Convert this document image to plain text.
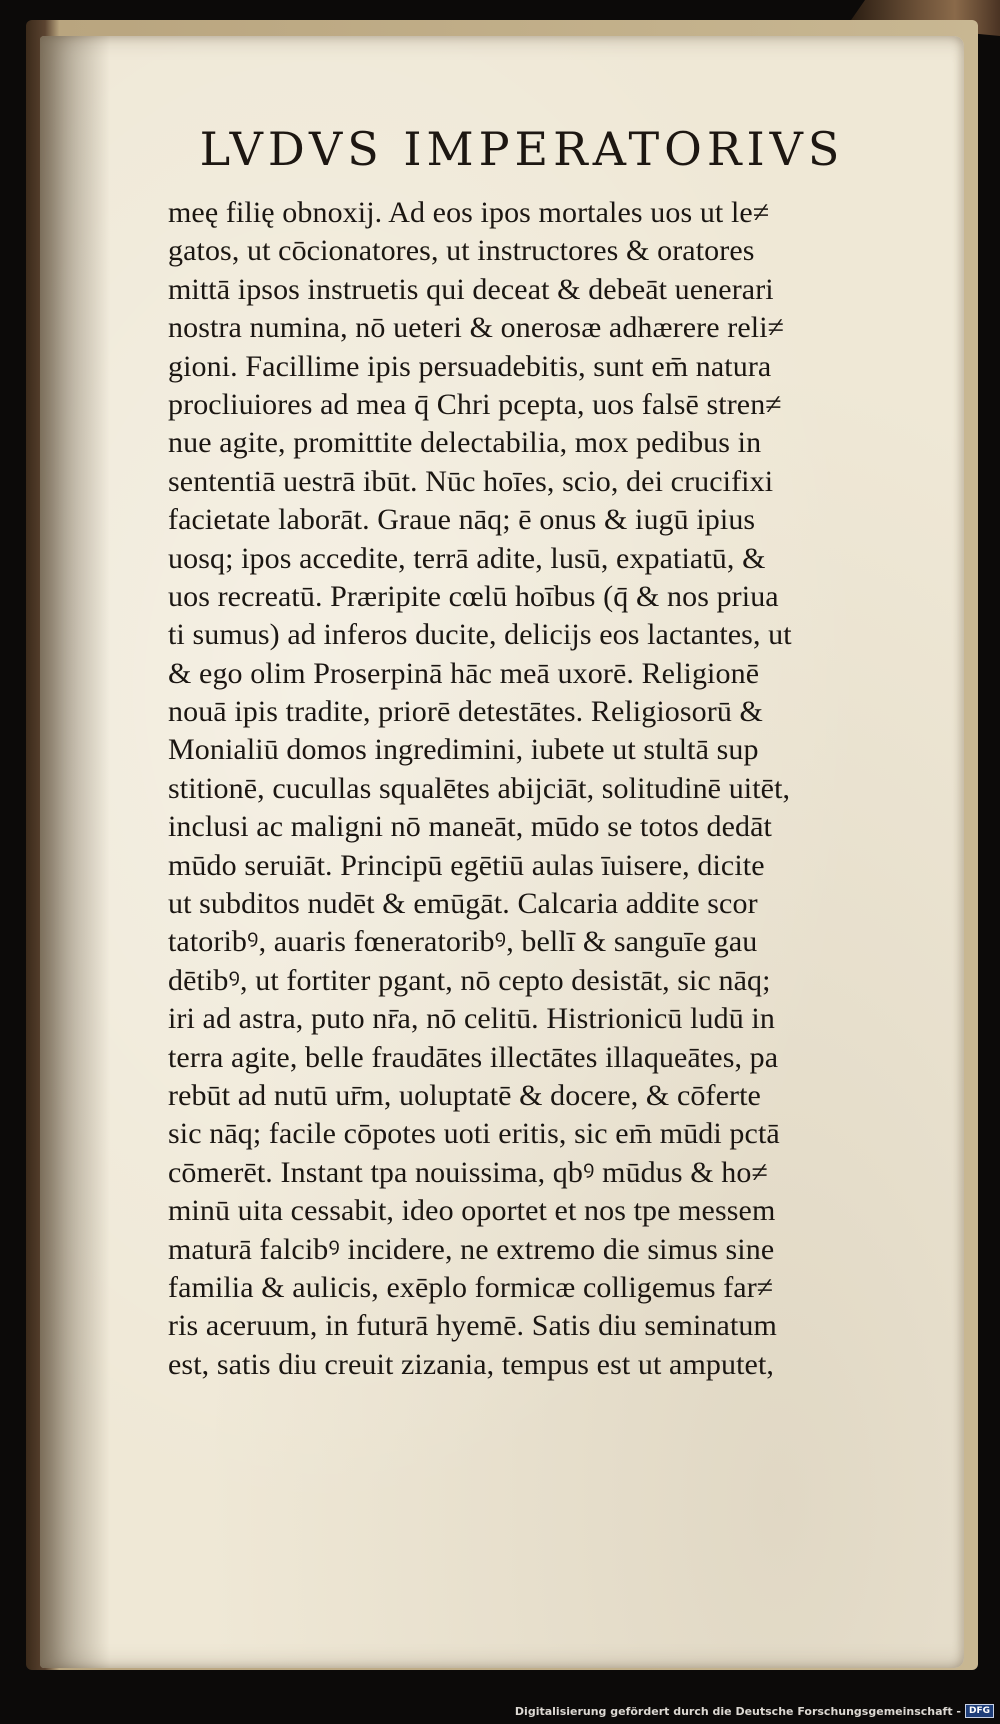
LVDVS IMPERATORIVS
meę filię obnoxij. Ad eos ipos mortales uos ut le≠
gatos, ut cōcionatores, ut instructores & oratores
mittā ipsos instruetis qui deceat & debeāt uenerari
nostra numina, nō ueteri & onerosæ adhærere reli≠
gioni. Facillime ipis persuadebitis, sunt em̄ natura
procliuiores ad mea q̄ Chri pcepta, uos falsē stren≠
nue agite, promittite delectabilia, mox pedibus in
sententiā uestrā ibūt. Nūc hoīes, scio, dei crucifixi
facietate laborāt. Graue nāq; ē onus & iugū ipius
uosq; ipos accedite, terrā adite, lusū, expatiatū, &
uos recreatū. Præripite cœlū hoībus (q̄ & nos priua
ti sumus) ad inferos ducite, delicijs eos lactantes, ut
& ego olim Proserpinā hāc meā uxorē. Religionē
nouā ipis tradite, priorē detestātes. Religiosorū &
Monialiū domos ingredimini, iubete ut stultā sup
stitionē, cucullas squalētes abijciāt, solitudinē uitēt,
inclusi ac maligni nō maneāt, mūdo se totos dedāt
mūdo seruiāt. Principū egētiū aulas īuisere, dicite
ut subditos nudēt & emūgāt. Calcaria addite scor
tatoribꝰ, auaris fœneratoribꝰ, bellī & sanguīe gau
dētibꝰ, ut fortiter pgant, nō cepto desistāt, sic nāq;
iri ad astra, puto nr̄a, nō celitū. Histrionicū ludū in
terra agite, belle fraudātes illectātes illaqueātes, pa
rebūt ad nutū ur̄m, uoluptatē & docere, & cōferte
sic nāq; facile cōpotes uoti eritis, sic em̄ mūdi pctā
cōmerēt. Instant tpa nouissima, qbꝰ mūdus & ho≠
minū uita cessabit, ideo oportet et nos tpe messem
maturā falcibꝰ incidere, ne extremo die simus sine
familia & aulicis, exēplo formicæ colligemus far≠
ris aceruum, in futurā hyemē. Satis diu seminatum
est, satis diu creuit zizania, tempus est ut amputet,
Digitalisierung gefördert durch die Deutsche Forschungsgemeinschaft - DFG
